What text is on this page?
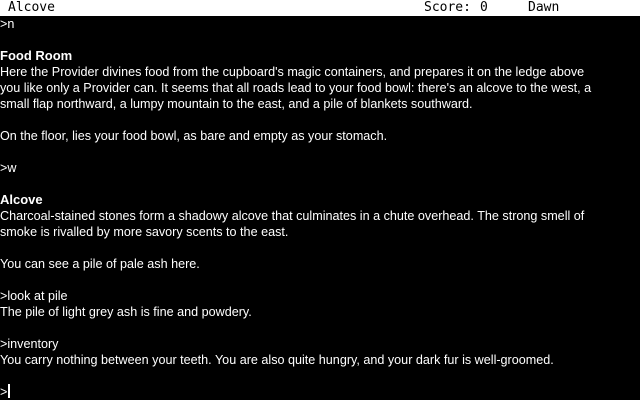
Alcove	Score: 0	Dawn
>n
Food Room
Here the Provider divines food from the cupboard's magic containers, and prepares it on the ledge above
you like only a Provider can. It seems that all roads lead to your food bowl: there's an alcove to the west, a
small flap northward, a lumpy mountain to the east, and a pile of blankets southward.
On the floor, lies your food bowl, as bare and empty as your stomach.
>w
Alcove
Charcoal-stained stones form a shadowy alcove that culminates in a chute overhead. The strong smell of
smoke is rivalled by more savory scents to the east.
You can see a pile of pale ash here.
>look at pile
The pile of light grey ash is fine and powdery.
>inventory
You carry nothing between your teeth. You are also quite hungry, and your dark fur is well-groomed.
>
